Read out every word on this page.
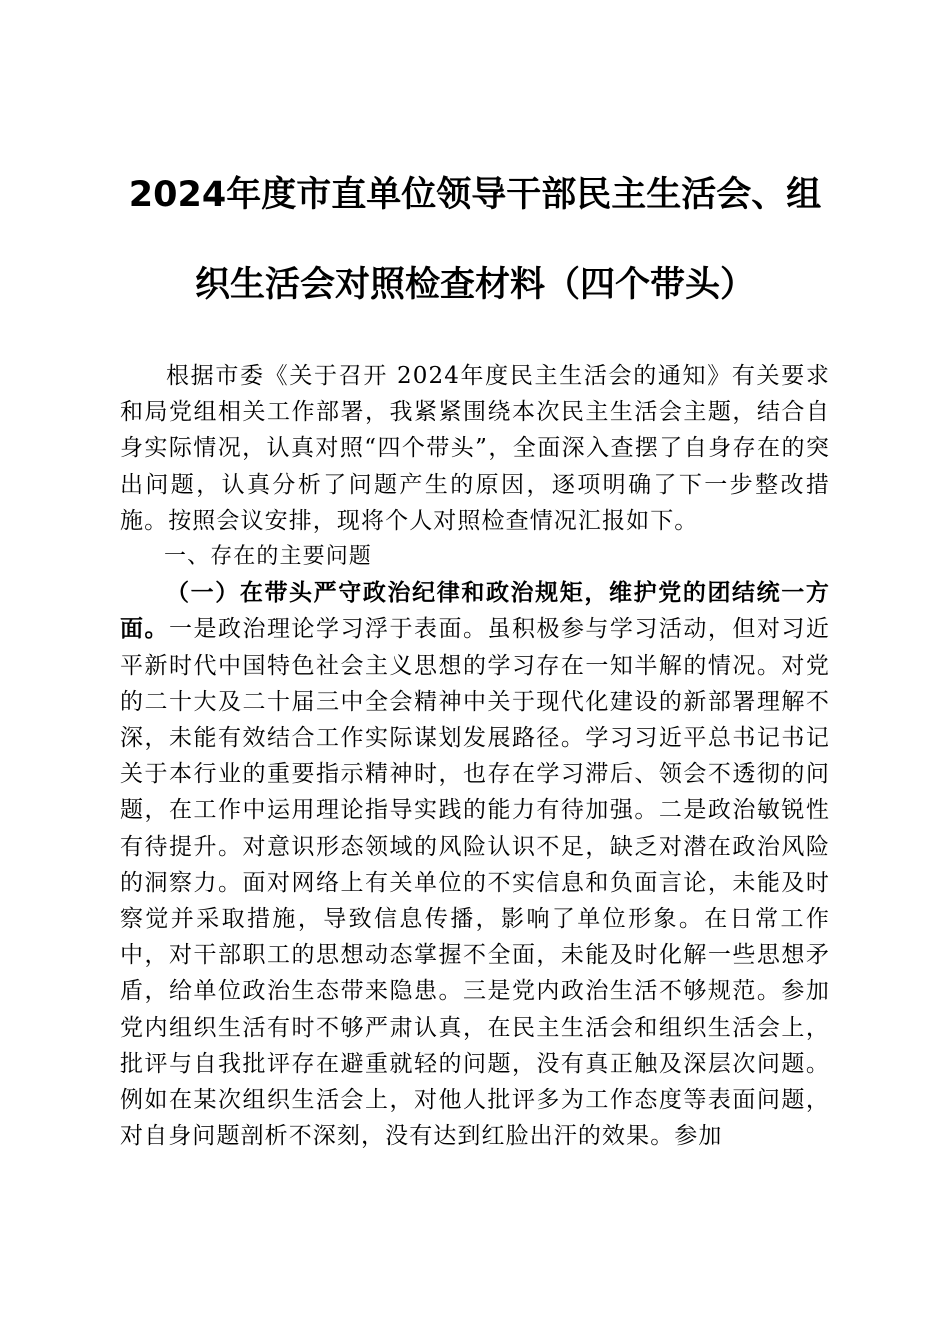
2024年度市直单位领导干部民主生活会、组
织生活会对照检查材料（四个带头）

根据市委《关于召开 2024年度民主生活会的通知》有关要求和局党组相关工作部署，我紧紧围绕本次民主生活会主题，结合自身实际情况，认真对照“四个带头”，全面深入查摆了自身存在的突出问题，认真分析了问题产生的原因，逐项明确了下一步整改措施。按照会议安排，现将个人对照检查情况汇报如下。

一、存在的主要问题

（一）在带头严守政治纪律和政治规矩，维护党的团结统一方面。一是政治理论学习浮于表面。虽积极参与学习活动，但对习近平新时代中国特色社会主义思想的学习存在一知半解的情况。对党的二十大及二十届三中全会精神中关于现代化建设的新部署理解不深，未能有效结合工作实际谋划发展路径。学习习近平总书记书记关于本行业的重要指示精神时，也存在学习滞后、领会不透彻的问题，在工作中运用理论指导实践的能力有待加强。二是政治敏锐性有待提升。对意识形态领域的风险认识不足，缺乏对潜在政治风险的洞察力。面对网络上有关单位的不实信息和负面言论，未能及时察觉并采取措施，导致信息传播，影响了单位形象。在日常工作中，对干部职工的思想动态掌握不全面，未能及时化解一些思想矛盾，给单位政治生态带来隐患。三是党内政治生活不够规范。参加党内组织生活有时不够严肃认真，在民主生活会和组织生活会上，批评与自我批评存在避重就轻的问题，没有真正触及深层次问题。例如在某次组织生活会上，对他人批评多为工作态度等表面问题，对自身问题剖析不深刻，没有达到红脸出汗的效果。参加
